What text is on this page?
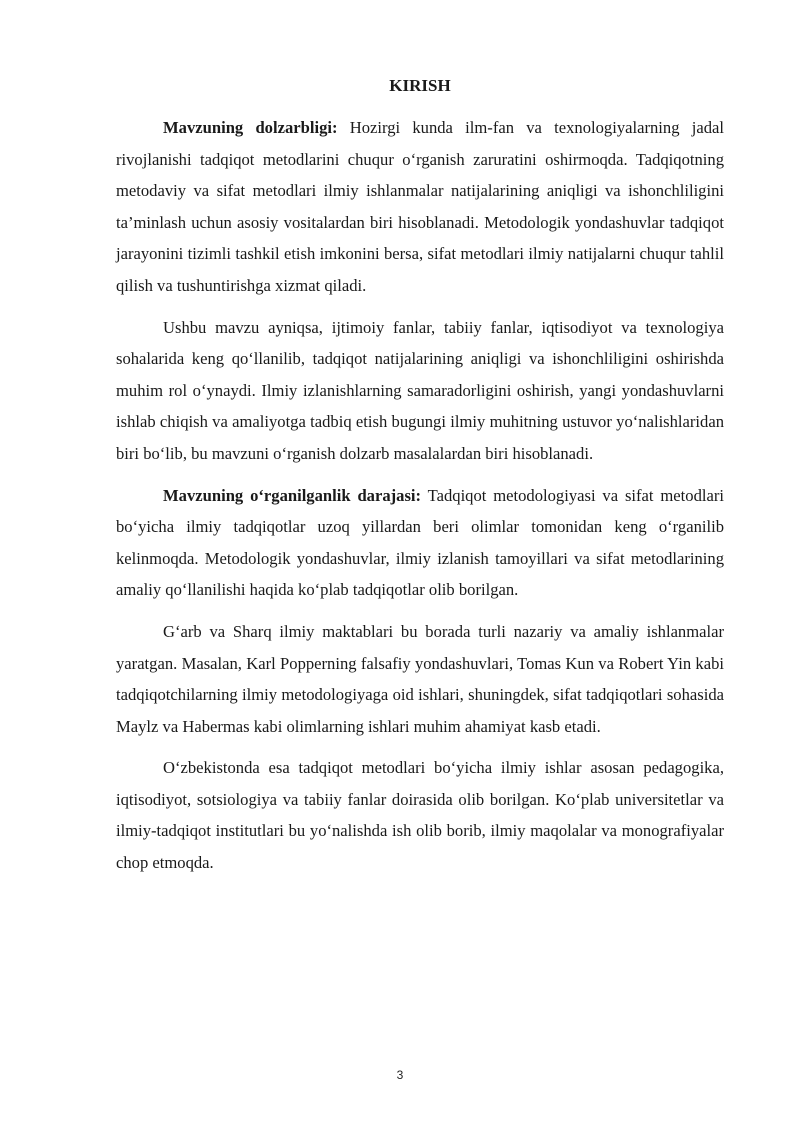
KIRISH

Mavzuning dolzarbligi: Hozirgi kunda ilm-fan va texnologiyalarning jadal rivojlanishi tadqiqot metodlarini chuqur o‘rganish zaruratini oshirmoqda. Tadqiqotning metodaviy va sifat metodlari ilmiy ishlanmalar natijalarining aniqligi va ishonchliligini ta’minlash uchun asosiy vositalardan biri hisoblanadi. Metodologik yondashuvlar tadqiqot jarayonini tizimli tashkil etish imkonini bersa, sifat metodlari ilmiy natijalarni chuqur tahlil qilish va tushuntirishga xizmat qiladi.

Ushbu mavzu ayniqsa, ijtimoiy fanlar, tabiiy fanlar, iqtisodiyot va texnologiya sohalarida keng qo‘llanilib, tadqiqot natijalarining aniqligi va ishonchliligini oshirishda muhim rol o‘ynaydi. Ilmiy izlanishlarning samaradorligini oshirish, yangi yondashuvlarni ishlab chiqish va amaliyotga tadbiq etish bugungi ilmiy muhitning ustuvor yo‘nalishlaridan biri bo‘lib, bu mavzuni o‘rganish dolzarb masalalardan biri hisoblanadi.

Mavzuning o‘rganilganlik darajasi: Tadqiqot metodologiyasi va sifat metodlari bo‘yicha ilmiy tadqiqotlar uzoq yillardan beri olimlar tomonidan keng o‘rganilib kelinmoqda. Metodologik yondashuvlar, ilmiy izlanish tamoyillari va sifat metodlarining amaliy qo‘llanilishi haqida ko‘plab tadqiqotlar olib borilgan.

G‘arb va Sharq ilmiy maktablari bu borada turli nazariy va amaliy ishlanmalar yaratgan. Masalan, Karl Popperning falsafiy yondashuvlari, Tomas Kun va Robert Yin kabi tadqiqotchilarning ilmiy metodologiyaga oid ishlari, shuningdek, sifat tadqiqotlari sohasida Maylz va Habermas kabi olimlarning ishlari muhim ahamiyat kasb etadi.

O‘zbekistonda esa tadqiqot metodlari bo‘yicha ilmiy ishlar asosan pedagogika, iqtisodiyot, sotsiologiya va tabiiy fanlar doirasida olib borilgan. Ko‘plab universitetlar va ilmiy-tadqiqot institutlari bu yo‘nalishda ish olib borib, ilmiy maqolalar va monografiyalar chop etmoqda.

3
